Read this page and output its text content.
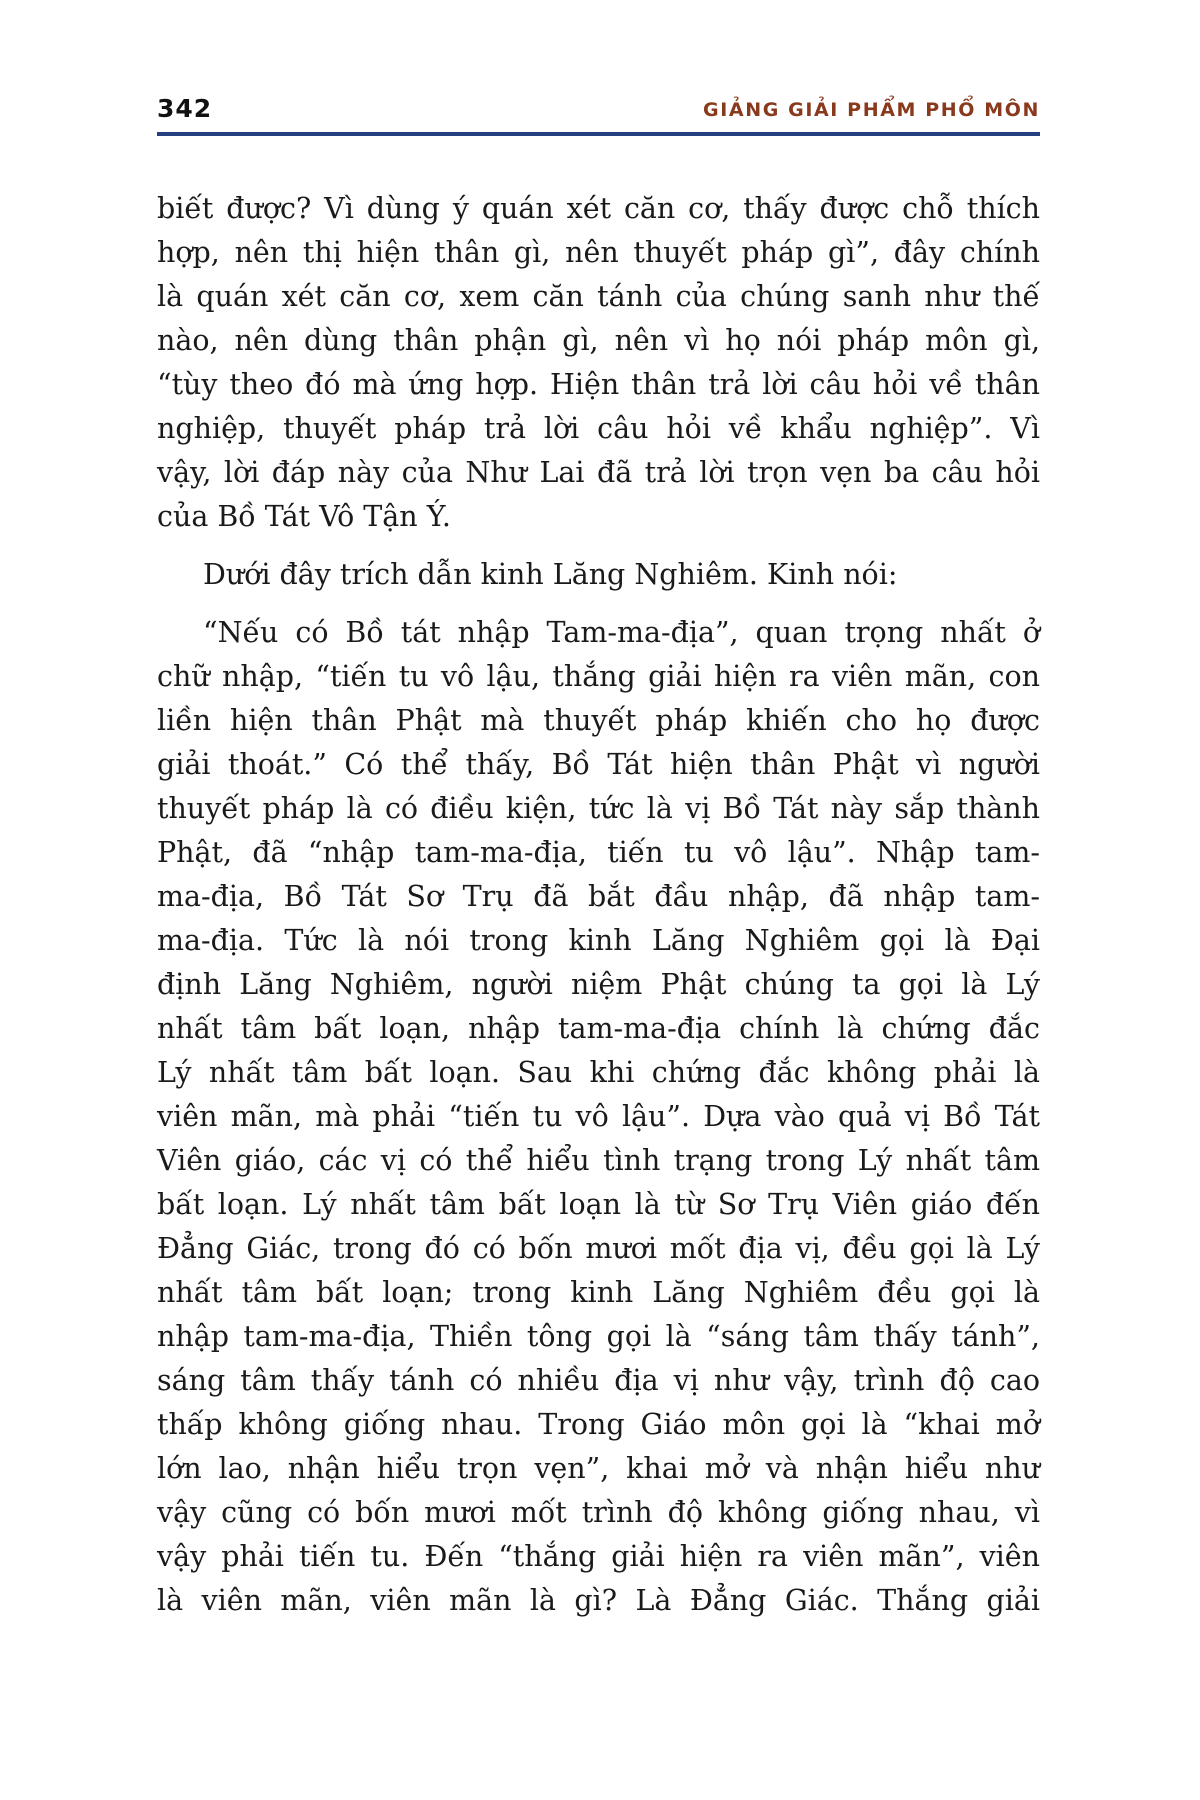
342	GIẢNG GIẢI PHẨM PHỔ MÔN
biết được? Vì dùng ý quán xét căn cơ, thấy được chỗ thích
hợp, nên thị hiện thân gì, nên thuyết pháp gì”, đây chính
là quán xét căn cơ, xem căn tánh của chúng sanh như thế
nào, nên dùng thân phận gì, nên vì họ nói pháp môn gì,
“tùy theo đó mà ứng hợp. Hiện thân trả lời câu hỏi về thân
nghiệp, thuyết pháp trả lời câu hỏi về khẩu nghiệp”. Vì
vậy, lời đáp này của Như Lai đã trả lời trọn vẹn ba câu hỏi
của Bồ Tát Vô Tận Ý.
Dưới đây trích dẫn kinh Lăng Nghiêm. Kinh nói:
“Nếu có Bồ tát nhập Tam-ma-địa”, quan trọng nhất ở
chữ nhập, “tiến tu vô lậu, thắng giải hiện ra viên mãn, con
liền hiện thân Phật mà thuyết pháp khiến cho họ được
giải thoát.” Có thể thấy, Bồ Tát hiện thân Phật vì người
thuyết pháp là có điều kiện, tức là vị Bồ Tát này sắp thành
Phật, đã “nhập tam-ma-địa, tiến tu vô lậu”. Nhập tam-
ma-địa, Bồ Tát Sơ Trụ đã bắt đầu nhập, đã nhập tam-
ma-địa. Tức là nói trong kinh Lăng Nghiêm gọi là Đại
định Lăng Nghiêm, người niệm Phật chúng ta gọi là Lý
nhất tâm bất loạn, nhập tam-ma-địa chính là chứng đắc
Lý nhất tâm bất loạn. Sau khi chứng đắc không phải là
viên mãn, mà phải “tiến tu vô lậu”. Dựa vào quả vị Bồ Tát
Viên giáo, các vị có thể hiểu tình trạng trong Lý nhất tâm
bất loạn. Lý nhất tâm bất loạn là từ Sơ Trụ Viên giáo đến
Đẳng Giác, trong đó có bốn mươi mốt địa vị, đều gọi là Lý
nhất tâm bất loạn; trong kinh Lăng Nghiêm đều gọi là
nhập tam-ma-địa, Thiền tông gọi là “sáng tâm thấy tánh”,
sáng tâm thấy tánh có nhiều địa vị như vậy, trình độ cao
thấp không giống nhau. Trong Giáo môn gọi là “khai mở
lớn lao, nhận hiểu trọn vẹn”, khai mở và nhận hiểu như
vậy cũng có bốn mươi mốt trình độ không giống nhau, vì
vậy phải tiến tu. Đến “thắng giải hiện ra viên mãn”, viên
là viên mãn, viên mãn là gì? Là Đẳng Giác. Thắng giải
